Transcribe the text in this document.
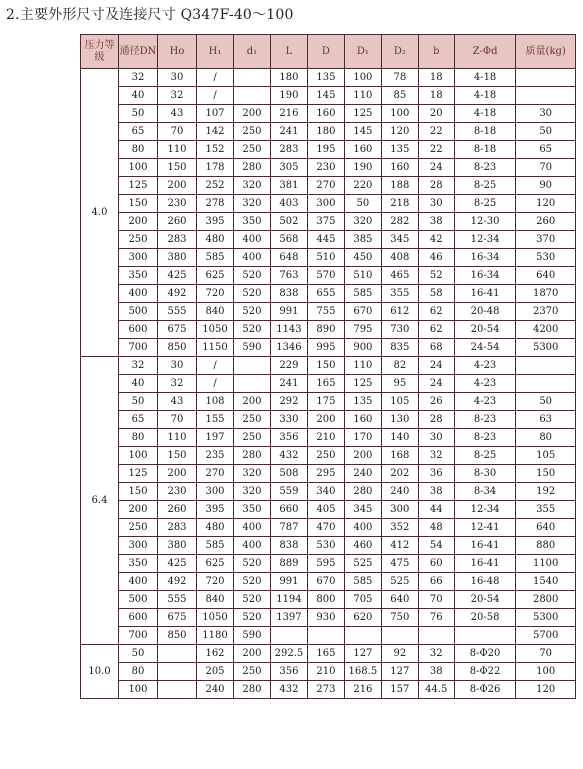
2.主要外形尺寸及连接尺寸 Q347F-40～100
压力等级	通径DN	Ho	H₁	d₁	L	D	D₁	D₂	b	Z-Φd	质量(kg)
4.0	32	30	/		180	135	100	78	18	4-18	
	40	32	/		190	145	110	85	18	4-18	
	50	43	107	200	216	160	125	100	20	4-18	30
	65	70	142	250	241	180	145	120	22	8-18	50
	80	110	152	250	283	195	160	135	22	8-18	65
	100	150	178	280	305	230	190	160	24	8-23	70
	125	200	252	320	381	270	220	188	28	8-25	90
	150	230	278	320	403	300	50	218	30	8-25	120
	200	260	395	350	502	375	320	282	38	12-30	260
	250	283	480	400	568	445	385	345	42	12-34	370
	300	380	585	400	648	510	450	408	46	16-34	530
	350	425	625	520	763	570	510	465	52	16-34	640
	400	492	720	520	838	655	585	355	58	16-41	1870
	500	555	840	520	991	755	670	612	62	20-48	2370
	600	675	1050	520	1143	890	795	730	62	20-54	4200
	700	850	1150	590	1346	995	900	835	68	24-54	5300
6.4	32	30	/		229	150	110	82	24	4-23	
	40	32	/		241	165	125	95	24	4-23	
	50	43	108	200	292	175	135	105	26	4-23	50
	65	70	155	250	330	200	160	130	28	8-23	63
	80	110	197	250	356	210	170	140	30	8-23	80
	100	150	235	280	432	250	200	168	32	8-25	105
	125	200	270	320	508	295	240	202	36	8-30	150
	150	230	300	320	559	340	280	240	38	8-34	192
	200	260	395	350	660	405	345	300	44	12-34	355
	250	283	480	400	787	470	400	352	48	12-41	640
	300	380	585	400	838	530	460	412	54	16-41	880
	350	425	625	520	889	595	525	475	60	16-41	1100
	400	492	720	520	991	670	585	525	66	16-48	1540
	500	555	840	520	1194	800	705	640	70	20-54	2800
	600	675	1050	520	1397	930	620	750	76	20-58	5300
	700	850	1180	590							5700
10.0	50		162	200	292.5	165	127	92	32	8-Φ20	70
	80		205	250	356	210	168.5	127	38	8-Φ22	100
	100		240	280	432	273	216	157	44.5	8-Φ26	120
